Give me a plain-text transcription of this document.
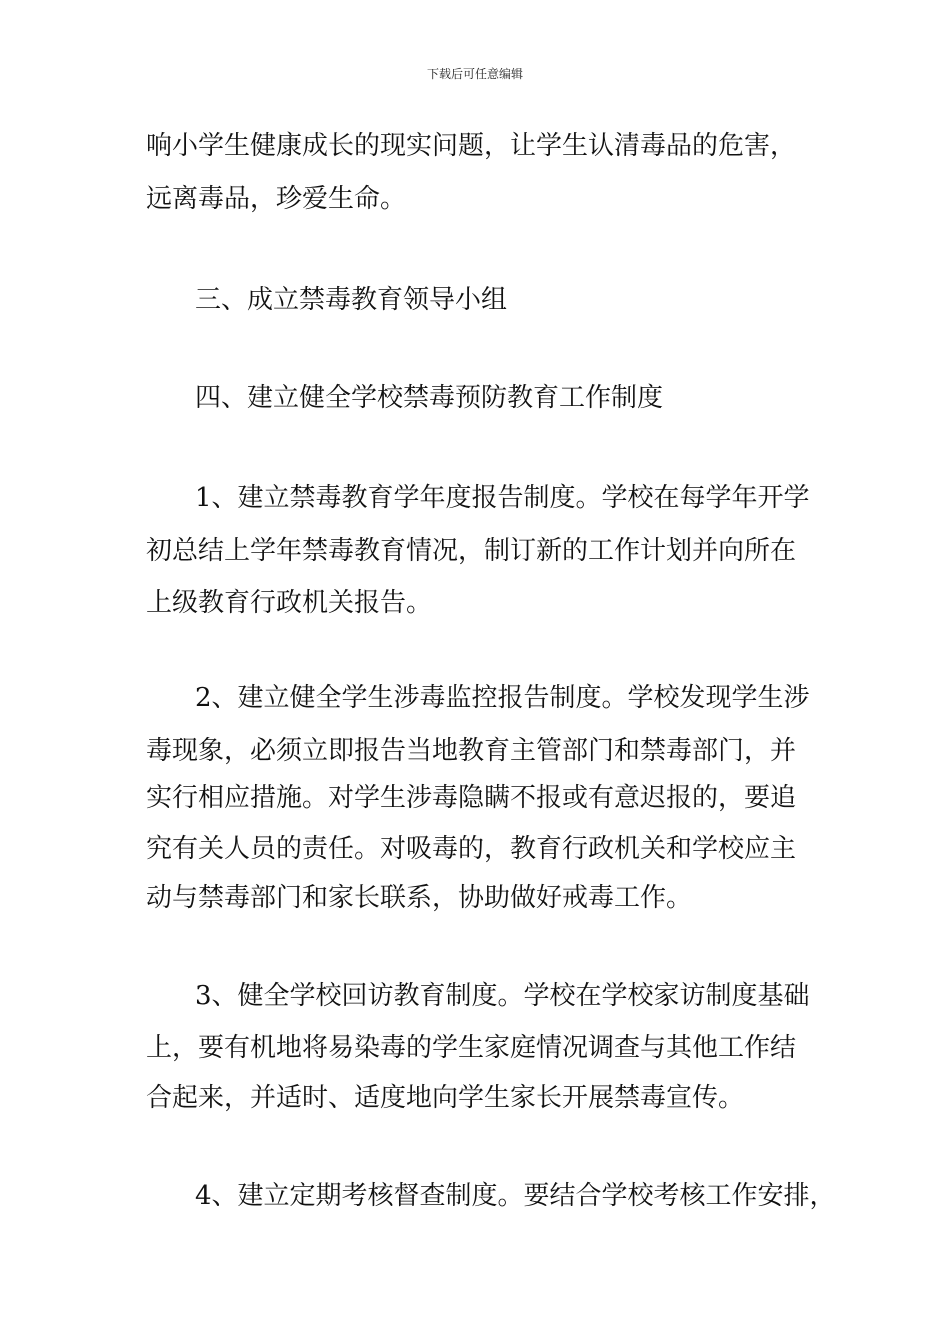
下载后可任意编辑
响小学生健康成长的现实问题，让学生认清毒品的危害，
远离毒品，珍爱生命。
三、成立禁毒教育领导小组
四、建立健全学校禁毒预防教育工作制度
1、建立禁毒教育学年度报告制度。学校在每学年开学
初总结上学年禁毒教育情况，制订新的工作计划并向所在
上级教育行政机关报告。
2、建立健全学生涉毒监控报告制度。学校发现学生涉
毒现象，必须立即报告当地教育主管部门和禁毒部门，并
实行相应措施。对学生涉毒隐瞒不报或有意迟报的，要追
究有关人员的责任。对吸毒的，教育行政机关和学校应主
动与禁毒部门和家长联系，协助做好戒毒工作。
3、健全学校回访教育制度。学校在学校家访制度基础
上，要有机地将易染毒的学生家庭情况调查与其他工作结
合起来，并适时、适度地向学生家长开展禁毒宣传。
4、建立定期考核督查制度。要结合学校考核工作安排，
